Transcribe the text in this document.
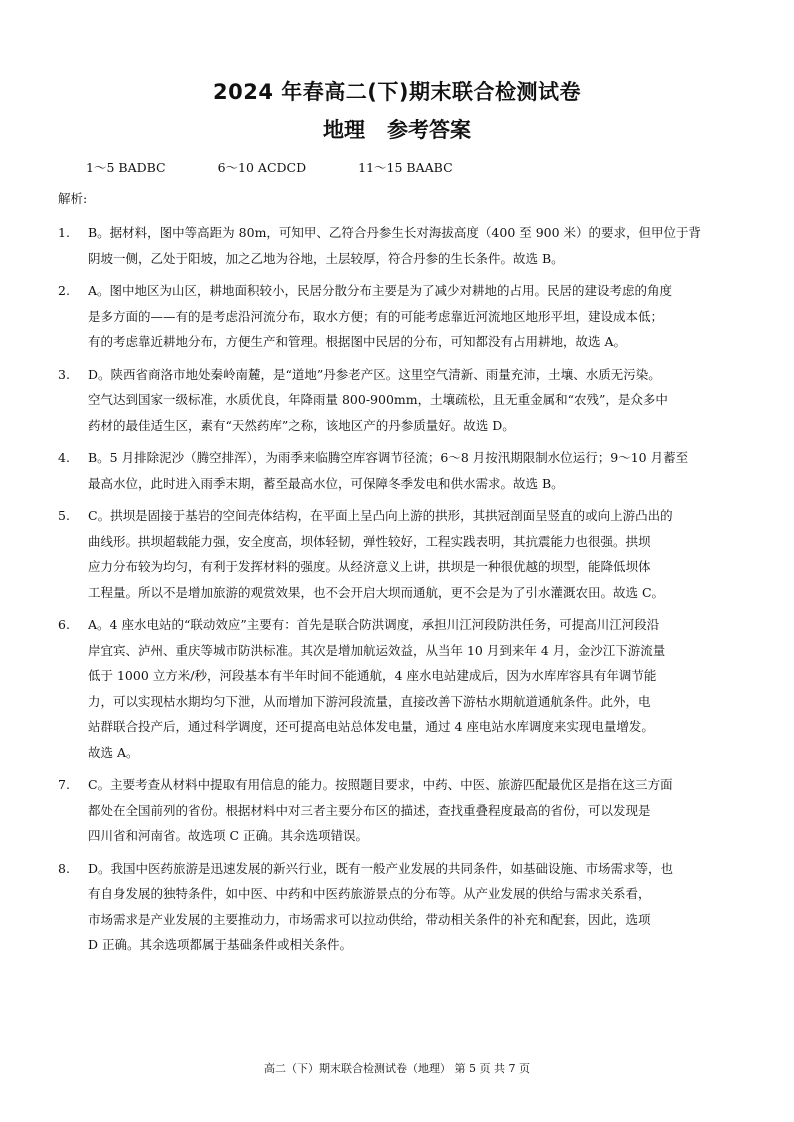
2024 年春高二(下)期末联合检测试卷
地理 参考答案
1～5 BADBC	6～10 ACDCD	11～15 BAABC
解析:
1. B。据材料，图中等高距为 80m，可知甲、乙符合丹参生长对海拔高度（400 至 900 米）的要求，但甲位于背
阴坡一侧，乙处于阳坡，加之乙地为谷地，土层较厚，符合丹参的生长条件。故选 B。
2. A。图中地区为山区，耕地面积较小，民居分散分布主要是为了减少对耕地的占用。民居的建设考虑的角度
是多方面的——有的是考虑沿河流分布，取水方便；有的可能考虑靠近河流地区地形平坦，建设成本低；
有的考虑靠近耕地分布，方便生产和管理。根据图中民居的分布，可知都没有占用耕地，故选 A。
3. D。陕西省商洛市地处秦岭南麓，是“道地”丹参老产区。这里空气清新、雨量充沛，土壤、水质无污染。
空气达到国家一级标准，水质优良，年降雨量 800-900mm，土壤疏松，且无重金属和“农残”，是众多中
药材的最佳适生区，素有“天然药库”之称，该地区产的丹参质量好。故选 D。
4. B。5 月排除泥沙（腾空排浑），为雨季来临腾空库容调节径流；6～8 月按汛期限制水位运行；9～10 月蓄至
最高水位，此时进入雨季末期，蓄至最高水位，可保障冬季发电和供水需求。故选 B。
5. C。拱坝是固接于基岩的空间壳体结构，在平面上呈凸向上游的拱形，其拱冠剖面呈竖直的或向上游凸出的
曲线形。拱坝超载能力强，安全度高，坝体轻韧，弹性较好，工程实践表明，其抗震能力也很强。拱坝
应力分布较为均匀，有利于发挥材料的强度。从经济意义上讲，拱坝是一种很优越的坝型，能降低坝体
工程量。所以不是增加旅游的观赏效果，也不会开启大坝而通航，更不会是为了引水灌溉农田。故选 C。
6. A。4 座水电站的“联动效应”主要有：首先是联合防洪调度，承担川江河段防洪任务，可提高川江河段沿
岸宜宾、泸州、重庆等城市防洪标准。其次是增加航运效益，从当年 10 月到来年 4 月，金沙江下游流量
低于 1000 立方米/秒，河段基本有半年时间不能通航，4 座水电站建成后，因为水库库容具有年调节能
力，可以实现枯水期均匀下泄，从而增加下游河段流量，直接改善下游枯水期航道通航条件。此外，电
站群联合投产后，通过科学调度，还可提高电站总体发电量，通过 4 座电站水库调度来实现电量增发。
故选 A。
7. C。主要考查从材料中提取有用信息的能力。按照题目要求，中药、中医、旅游匹配最优区是指在这三方面
都处在全国前列的省份。根据材料中对三者主要分布区的描述，查找重叠程度最高的省份，可以发现是
四川省和河南省。故选项 C 正确。其余选项错误。
8. D。我国中医药旅游是迅速发展的新兴行业，既有一般产业发展的共同条件，如基础设施、市场需求等，也
有自身发展的独特条件，如中医、中药和中医药旅游景点的分布等。从产业发展的供给与需求关系看，
市场需求是产业发展的主要推动力，市场需求可以拉动供给，带动相关条件的补充和配套，因此，选项
D 正确。其余选项都属于基础条件或相关条件。
高二（下）期末联合检测试卷（地理） 第 5 页 共 7 页
